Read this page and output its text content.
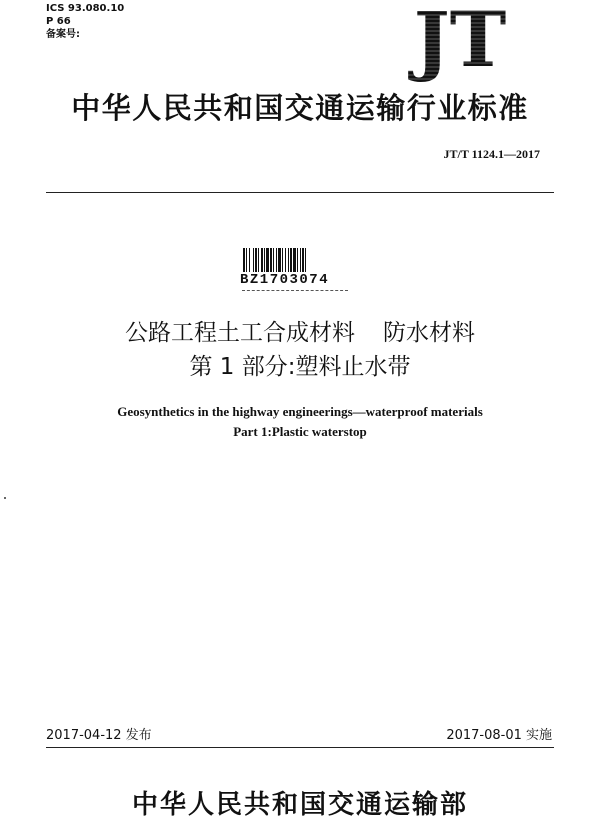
ICS 93.080.10
P 66
备案号:	JT
中华人民共和国交通运输行业标准
JT/T 1124.1—2017
BZ1703074
公路工程土工合成材料 防水材料
第 1 部分:塑料止水带
Geosynthetics in the highway engineerings—waterproof materials
Part 1:Plastic waterstop
2017-04-12 发布	2017-08-01 实施
中华人民共和国交通运输部
